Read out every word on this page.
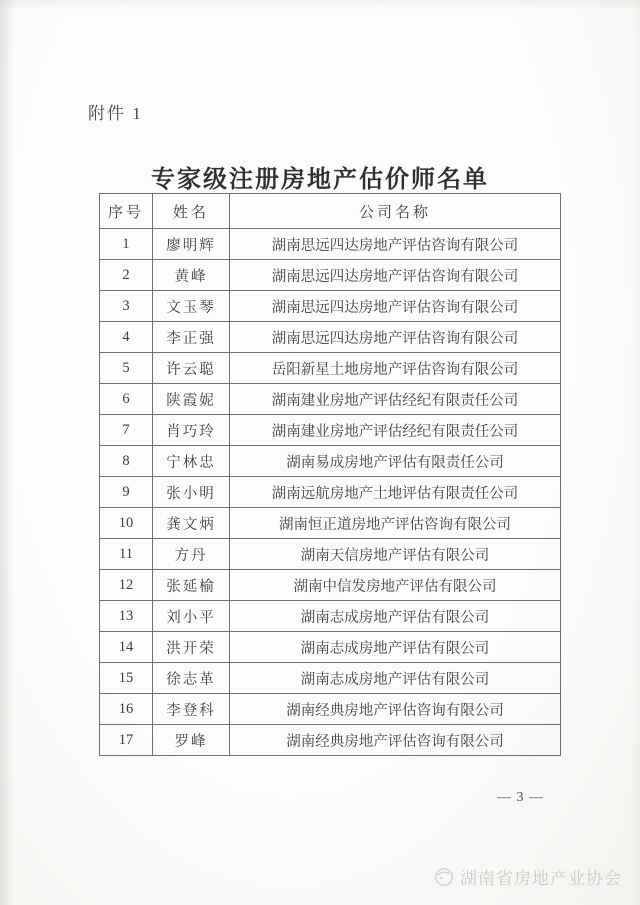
附件 1
专家级注册房地产估价师名单
序号	姓名	公司名称
1	廖明辉	湖南思远四达房地产评估咨询有限公司
2	黄峰	湖南思远四达房地产评估咨询有限公司
3	文玉琴	湖南思远四达房地产评估咨询有限公司
4	李正强	湖南思远四达房地产评估咨询有限公司
5	许云聪	岳阳新星土地房地产评估咨询有限公司
6	陕霞妮	湖南建业房地产评估经纪有限责任公司
7	肖巧玲	湖南建业房地产评估经纪有限责任公司
8	宁林忠	湖南易成房地产评估有限责任公司
9	张小明	湖南远航房地产土地评估有限责任公司
10	龚文炳	湖南恒正道房地产评估咨询有限公司
11	方丹	湖南天信房地产评估有限公司
12	张延榆	湖南中信发房地产评估有限公司
13	刘小平	湖南志成房地产评估有限公司
14	洪开荣	湖南志成房地产评估有限公司
15	徐志革	湖南志成房地产评估有限公司
16	李登科	湖南经典房地产评估咨询有限公司
17	罗峰	湖南经典房地产评估咨询有限公司
— 3 —
湖南省房地产业协会
